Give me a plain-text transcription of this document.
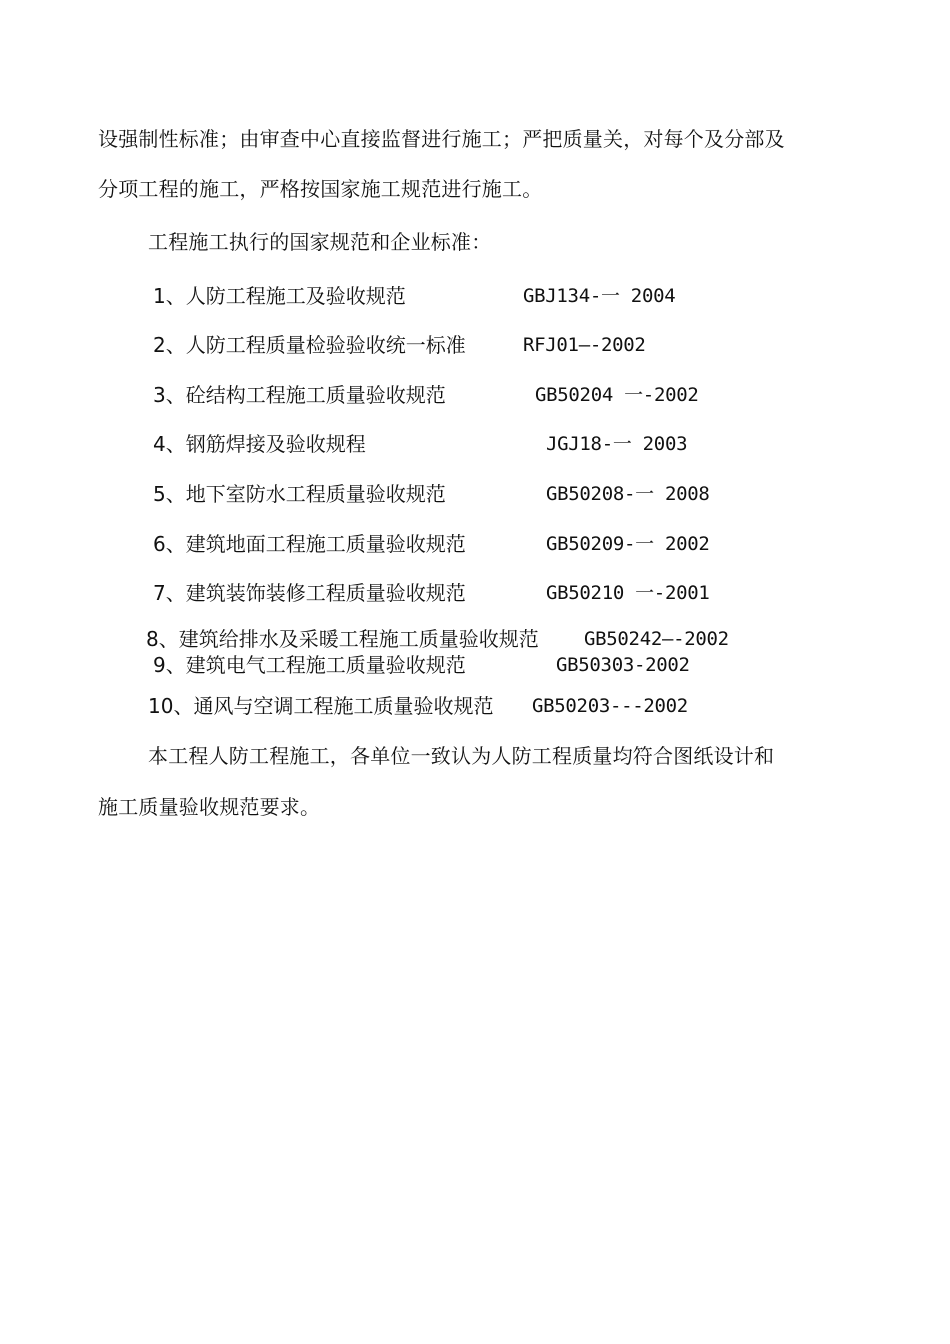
设强制性标准；由审查中心直接监督进行施工；严把质量关，对每个及分部及
分项工程的施工，严格按国家施工规范进行施工。
工程施工执行的国家规范和企业标准：
1、人防工程施工及验收规范	GBJ134-一 2004
2、人防工程质量检验验收统一标准	RFJ01—-2002
3、砼结构工程施工质量验收规范	GB50204 一-2002
4、钢筋焊接及验收规程	JGJ18-一 2003
5、地下室防水工程质量验收规范	GB50208-一 2008
6、建筑地面工程施工质量验收规范	GB50209-一 2002
7、建筑装饰装修工程质量验收规范	GB50210 一-2001
8、建筑给排水及采暖工程施工质量验收规范 GB50242—-2002
9、建筑电气工程施工质量验收规范	GB50303-2002
10、通风与空调工程施工质量验收规范 GB50203---2002
本工程人防工程施工，各单位一致认为人防工程质量均符合图纸设计和
施工质量验收规范要求。
